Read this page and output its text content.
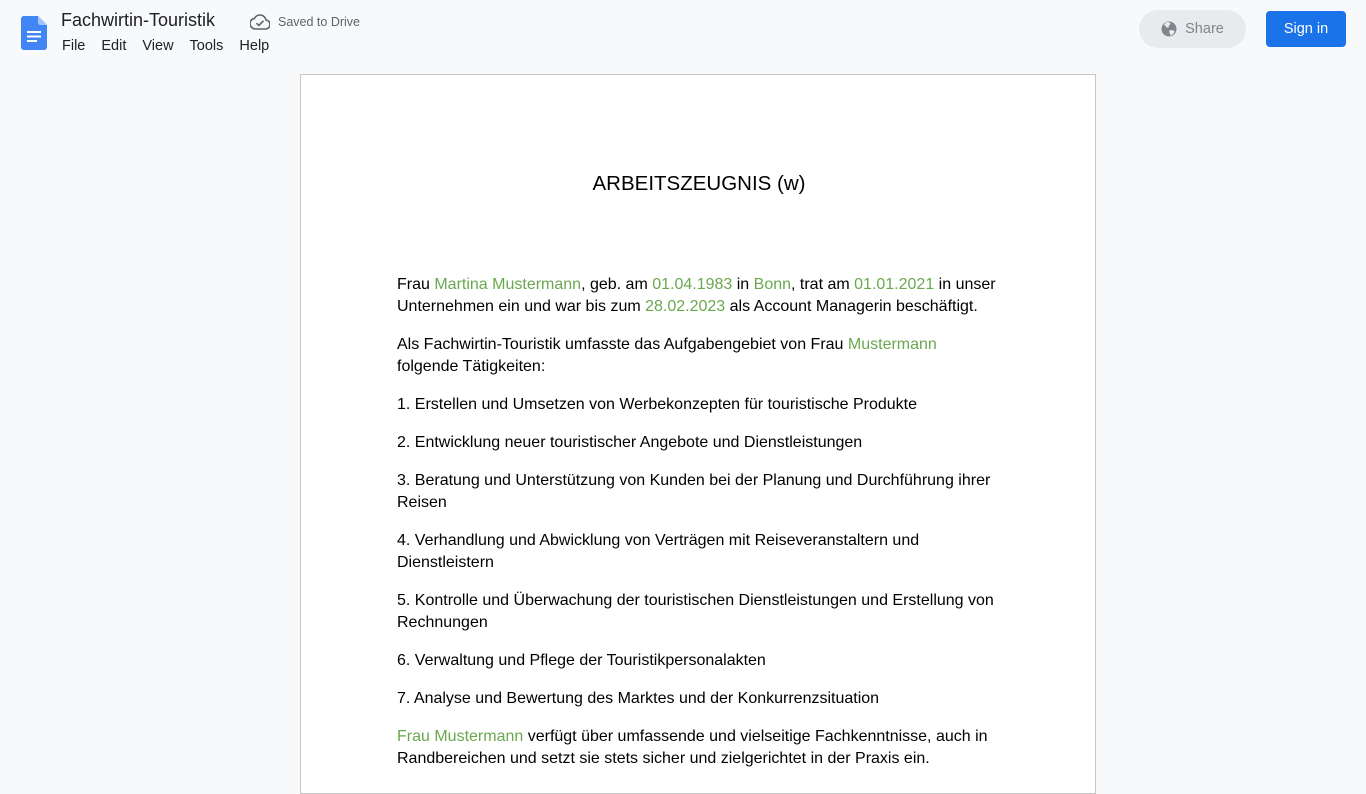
Fachwirtin-Touristik	Saved to Drive
File	Edit	View	Tools	Help
Share	Sign in
ARBEITSZEUGNIS (w)

Frau Martina Mustermann, geb. am 01.04.1983 in Bonn, trat am 01.01.2021 in unser Unternehmen ein und war bis zum 28.02.2023 als Account Managerin beschäftigt.

Als Fachwirtin-Touristik umfasste das Aufgabengebiet von Frau Mustermann folgende Tätigkeiten:

1. Erstellen und Umsetzen von Werbekonzepten für touristische Produkte

2. Entwicklung neuer touristischer Angebote und Dienstleistungen

3. Beratung und Unterstützung von Kunden bei der Planung und Durchführung ihrer Reisen

4. Verhandlung und Abwicklung von Verträgen mit Reiseveranstaltern und Dienstleistern

5. Kontrolle und Überwachung der touristischen Dienstleistungen und Erstellung von Rechnungen

6. Verwaltung und Pflege der Touristikpersonalakten

7. Analyse und Bewertung des Marktes und der Konkurrenzsituation

Frau Mustermann verfügt über umfassende und vielseitige Fachkenntnisse, auch in Randbereichen und setzt sie stets sicher und zielgerichtet in der Praxis ein.
